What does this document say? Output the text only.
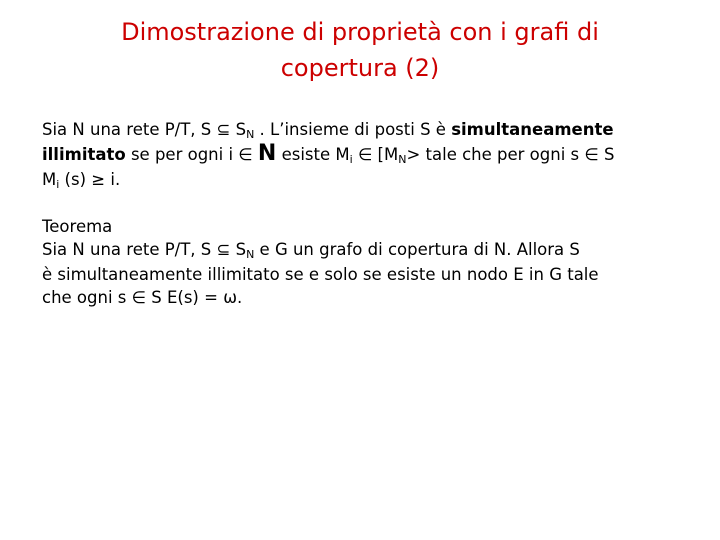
Dimostrazione di proprietà con i grafi di
copertura (2)

Sia N una rete P/T, S ⊆ SN . L’insieme di posti S è simultaneamente
illimitato se per ogni i ∈ N esiste Mi ∈ [MN> tale che per ogni s ∈ S
Mi (s) ≥ i.

Teorema
Sia N una rete P/T, S ⊆ SN e G un grafo di copertura di N. Allora S
è simultaneamente illimitato se e solo se esiste un nodo E in G tale
che ogni s ∈ S E(s) = ω.
